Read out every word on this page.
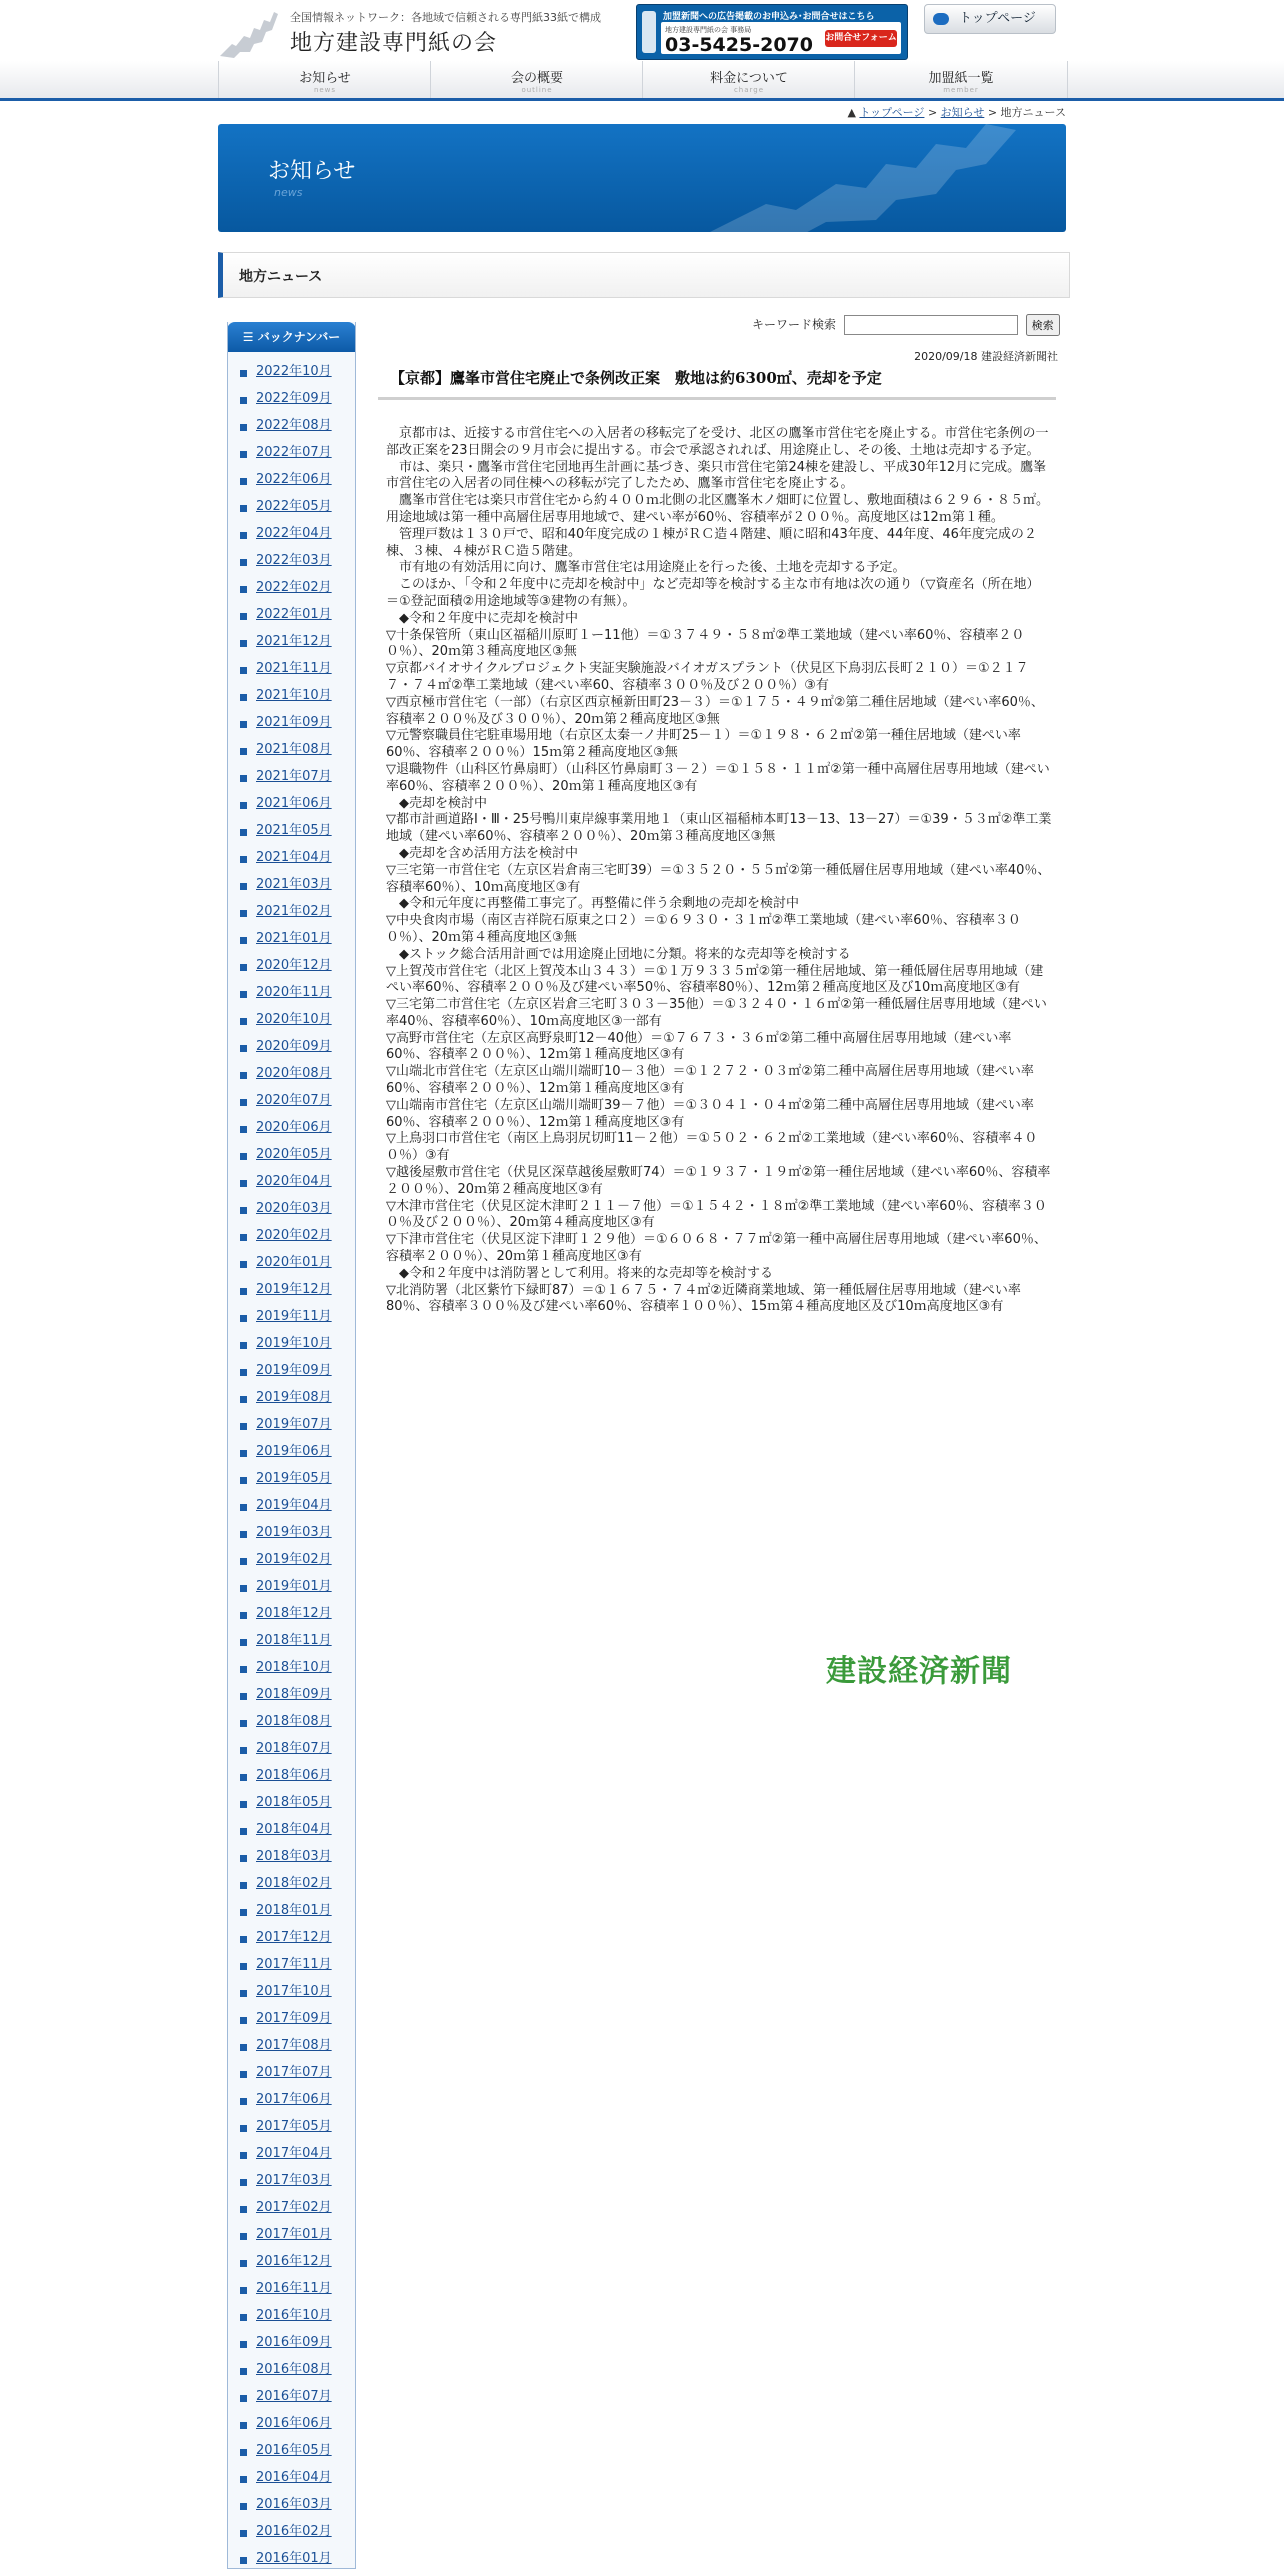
全国情報ネットワーク：各地域で信頼される専門紙33紙で構成
地方建設専門紙の会
加盟新聞への広告掲載のお申込み･お問合せはこちら
地方建設専門紙の会 事務局
03-5425-2070 お問合せフォーム
トップページ
お知らせ
news
会の概要
outline
料金について
charge
加盟紙一覧
member
▲ トップページ > お知らせ > 地方ニュース
お知らせ
news
地方ニュース
☰ バックナンバー
2022年10月
2022年09月
2022年08月
2022年07月
2022年06月
2022年05月
2022年04月
2022年03月
2022年02月
2022年01月
2021年12月
2021年11月
2021年10月
2021年09月
2021年08月
2021年07月
2021年06月
2021年05月
2021年04月
2021年03月
2021年02月
2021年01月
2020年12月
2020年11月
2020年10月
2020年09月
2020年08月
2020年07月
2020年06月
2020年05月
2020年04月
2020年03月
2020年02月
2020年01月
2019年12月
2019年11月
2019年10月
2019年09月
2019年08月
2019年07月
2019年06月
2019年05月
2019年04月
2019年03月
2019年02月
2019年01月
2018年12月
2018年11月
2018年10月
2018年09月
2018年08月
2018年07月
2018年06月
2018年05月
2018年04月
2018年03月
2018年02月
2018年01月
2017年12月
2017年11月
2017年10月
2017年09月
2017年08月
2017年07月
2017年06月
2017年05月
2017年04月
2017年03月
2017年02月
2017年01月
2016年12月
2016年11月
2016年10月
2016年09月
2016年08月
2016年07月
2016年06月
2016年05月
2016年04月
2016年03月
2016年02月
2016年01月
キーワード検索	検索
2020/09/18 建設経済新聞社
【京都】鷹峯市営住宅廃止で条例改正案　敷地は約6300㎡、売却を予定

　京都市は、近接する市営住宅への入居者の移転完了を受け、北区の鷹峯市営住宅を廃止する。市営住宅条例の一部改正案を23日開会の９月市会に提出する。市会で承認されれば、用途廃止し、その後、土地は売却する予定。

　市は、楽只・鷹峯市営住宅団地再生計画に基づき、楽只市営住宅第24棟を建設し、平成30年12月に完成。鷹峯市営住宅の入居者の同住棟への移転が完了したため、鷹峯市営住宅を廃止する。

　鷹峯市営住宅は楽只市営住宅から約４００ｍ北側の北区鷹峯木ノ畑町に位置し、敷地面積は６２９６・８５㎡。用途地域は第一種中高層住居専用地域で、建ぺい率が60％、容積率が２００％。高度地区は12ｍ第１種。

　管理戸数は１３０戸で、昭和40年度完成の１棟がＲＣ造４階建、順に昭和43年度、44年度、46年度完成の２棟、３棟、４棟がＲＣ造５階建。

　市有地の有効活用に向け、鷹峯市営住宅は用途廃止を行った後、土地を売却する予定。

　このほか、「令和２年度中に売却を検討中」など売却等を検討する主な市有地は次の通り（▽資産名（所在地）＝①登記面積②用途地域等③建物の有無）。

　◆令和２年度中に売却を検討中

▽十条保管所（東山区福稲川原町１ー11他）＝①３７４９・５８㎡②準工業地域（建ぺい率60％、容積率２００％）、20ｍ第３種高度地区③無

▽京都バイオサイクルプロジェクト実証実験施設バイオガスプラント（伏見区下鳥羽広長町２１０）＝①２１７７・７４㎡②準工業地域（建ぺい率60、容積率３００％及び２００％）③有

▽西京極市営住宅（一部）（右京区西京極新田町23－３）＝①１７５・４９㎡②第二種住居地域（建ぺい率60％、容積率２００％及び３００％）、20ｍ第２種高度地区③無

▽元警察職員住宅駐車場用地（右京区太秦一ノ井町25－１）＝①１９８・６２㎡②第一種住居地域（建ぺい率60％、容積率２００％）15ｍ第２種高度地区③無

▽退職物件（山科区竹鼻扇町）（山科区竹鼻扇町３－２）＝①１５８・１１㎡②第一種中高層住居専用地域（建ぺい率60％、容積率２００％）、20ｍ第１種高度地区③有

　◆売却を検討中

▽都市計画道路Ⅰ・Ⅲ・25号鴨川東岸線事業用地１（東山区福稲柿本町13－13、13－27）＝①39・５３㎡②準工業地域（建ぺい率60％、容積率２００％）、20ｍ第３種高度地区③無

　◆売却を含め活用方法を検討中

▽三宅第一市営住宅（左京区岩倉南三宅町39）＝①３５２０・５５㎡②第一種低層住居専用地域（建ぺい率40％、容積率60％）、10ｍ高度地区③有

　◆令和元年度に再整備工事完了。再整備に伴う余剰地の売却を検討中

▽中央食肉市場（南区吉祥院石原東之口２）＝①６９３０・３１㎡②準工業地域（建ぺい率60％、容積率３００％）、20ｍ第４種高度地区③無

　◆ストック総合活用計画では用途廃止団地に分類。将来的な売却等を検討する

▽上賀茂市営住宅（北区上賀茂本山３４３）＝①１万９３３５㎡②第一種住居地域、第一種低層住居専用地域（建ぺい率60％、容積率２００％及び建ぺい率50％、容積率80％）、12ｍ第２種高度地区及び10ｍ高度地区③有

▽三宅第二市営住宅（左京区岩倉三宅町３０３－35他）＝①３２４０・１６㎡②第一種低層住居専用地域（建ぺい率40％、容積率60％）、10ｍ高度地区③一部有

▽高野市営住宅（左京区高野泉町12－40他）＝①７６７３・３６㎡②第二種中高層住居専用地域（建ぺい率60％、容積率２００％）、12ｍ第１種高度地区③有

▽山端北市営住宅（左京区山端川端町10－３他）＝①１２７２・０３㎡②第二種中高層住居専用地域（建ぺい率60％、容積率２００％）、12ｍ第１種高度地区③有

▽山端南市営住宅（左京区山端川端町39－７他）＝①３０４１・０４㎡②第二種中高層住居専用地域（建ぺい率60％、容積率２００％）、12ｍ第１種高度地区③有

▽上鳥羽口市営住宅（南区上鳥羽尻切町11－２他）＝①５０２・６２㎡②工業地域（建ぺい率60％、容積率４００％）③有

▽越後屋敷市営住宅（伏見区深草越後屋敷町74）＝①１９３７・１９㎡②第一種住居地域（建ぺい率60％、容積率２００％）、20ｍ第２種高度地区③有

▽木津市営住宅（伏見区淀木津町２１１－７他）＝①１５４２・１８㎡②準工業地域（建ぺい率60％、容積率３００％及び２００％）、20ｍ第４種高度地区③有

▽下津市営住宅（伏見区淀下津町１２９他）＝①６０６８・７７㎡②第一種中高層住居専用地域（建ぺい率60％、容積率２００％）、20ｍ第１種高度地区③有

　◆令和２年度中は消防署として利用。将来的な売却等を検討する

▽北消防署（北区紫竹下緑町87）＝①１６７５・７４㎡②近隣商業地域、第一種低層住居専用地域（建ぺい率80％、容積率３００％及び建ぺい率60％、容積率１００％）、15ｍ第４種高度地区及び10ｍ高度地区③有

建設経済新聞
